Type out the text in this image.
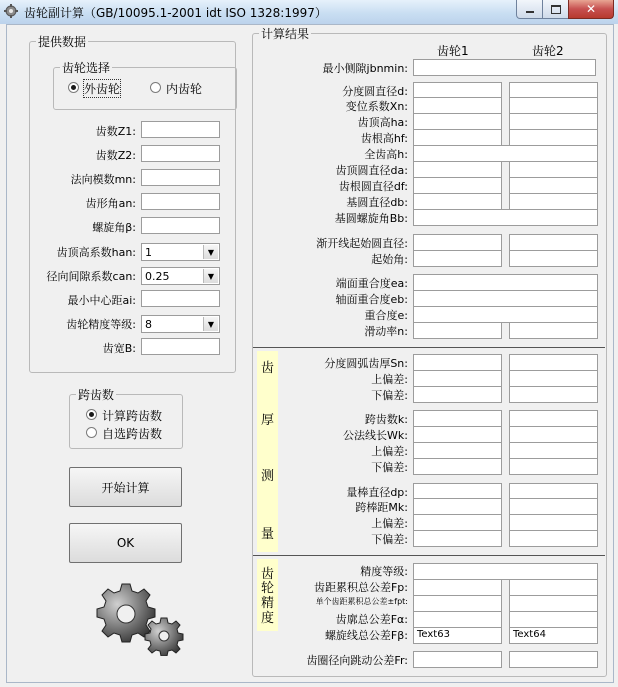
齿轮副计算（GB/10095.1-2001 idt ISO 1328:1997）	✕
提供数据
齿轮选择
外齿轮	内齿轮
齿数Z1:
齿数Z2:
法向模数mn:
齿形角an:
螺旋角β:
齿顶高系数han: 1	▼
径向间隙系数can: 0.25	▼
最小中心距ai:
齿轮精度等级: 8	▼
齿宽B:
跨齿数
计算跨齿数
自选跨齿数
开始计算
OK
计算结果
齿轮1	齿轮2
最小侧隙jbnmin:
分度圆直径d:
变位系数Xn:
齿顶高ha:
齿根高hf:
全齿高h:
齿顶圆直径da:
齿根圆直径df:
基圆直径db:
基圆螺旋角Bb:
渐开线起始圆直径:
起始角:
端面重合度ea:
轴面重合度eb:
重合度e:
滑动率n:
齿
厚
测
量
分度圆弧齿厚Sn:
上偏差:
下偏差:
跨齿数k:
公法线长Wk:
上偏差:
下偏差:
量棒直径dp:
跨棒距Mk:
上偏差:
下偏差:
齿
轮
精
度
精度等级:
齿距累积总公差Fp:
单个齿距累积总公差±fpt:
齿廓总公差Fα:
螺旋线总公差Fβ: Text63	Text64
齿圈径向跳动公差Fr:
